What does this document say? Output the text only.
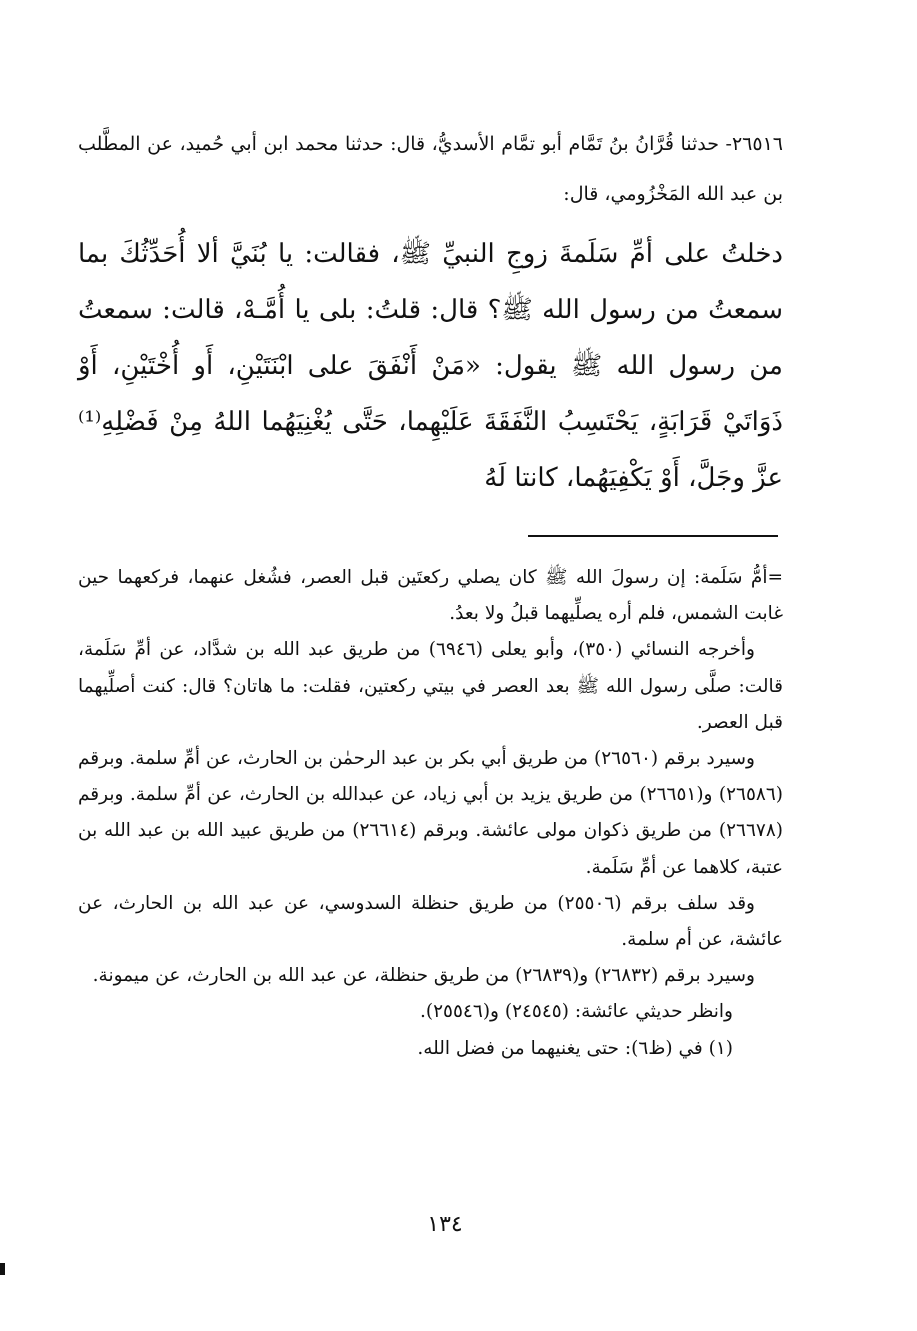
٢٦٥١٦- حدثنا قُرَّانُ بنُ تَمَّام أبو تمَّام الأسديُّ، قال: حدثنا محمد ابن أبي حُميد، عن المطَّلب بن عبد الله المَخْزُومي، قال:

دخلتُ على أمِّ سَلَمةَ زوجِ النبيِّ ﷺ، فقالت: يا بُنَيَّ ألا أُحَدِّثُكَ بما سمعتُ من رسول الله ﷺ؟ قال: قلتُ: بلى يا أُمَّـهْ، قالت: سمعتُ من رسول الله ﷺ يقول: «مَنْ أَنْفَقَ على ابْنَتَيْنِ، أَو أُخْتَيْنِ، أَوْ ذَوَاتَيْ قَرَابَةٍ، يَحْتَسِبُ النَّفَقَةَ عَلَيْهِما، حَتَّى يُغْنِيَهُما اللهُ مِنْ فَضْلِهِ⁽¹⁾ عزَّ وجَلَّ، أَوْ يَكْفِيَهُما، كانتا لَهُ

=أمُّ سَلَمة: إن رسولَ الله ﷺ كان يصلي ركعتَين قبل العصر، فشُغل عنهما، فركعهما حين غابت الشمس، فلم أره يصلِّيهما قبلُ ولا بعدُ.

وأخرجه النسائي (٣٥٠)، وأبو يعلى (٦٩٤٦) من طريق عبد الله بن شدَّاد، عن أمِّ سَلَمة، قالت: صلَّى رسول الله ﷺ بعد العصر في بيتي ركعتين، فقلت: ما هاتان؟ قال: كنت أصلِّيهما قبل العصر.

وسيرد برقم (٢٦٥٦٠) من طريق أبي بكر بن عبد الرحمٰن بن الحارث، عن أمِّ سلمة. وبرقم (٢٦٥٨٦) و(٢٦٦٥١) من طريق يزيد بن أبي زياد، عن عبدالله بن الحارث، عن أمِّ سلمة. وبرقم (٢٦٦٧٨) من طريق ذكوان مولى عائشة. وبرقم (٢٦٦١٤) من طريق عبيد الله بن عبد الله بن عتبة، كلاهما عن أمِّ سَلَمة.

وقد سلف برقم (٢٥٥٠٦) من طريق حنظلة السدوسي، عن عبد الله بن الحارث، عن عائشة، عن أم سلمة.

وسيرد برقم (٢٦٨٣٢) و(٢٦٨٣٩) من طريق حنظلة، عن عبد الله بن الحارث، عن ميمونة.

وانظر حديثي عائشة: (٢٤٥٤٥) و(٢٥٥٤٦).

(١) في (ظ٦): حتى يغنيهما من فضل الله.

١٣٤
